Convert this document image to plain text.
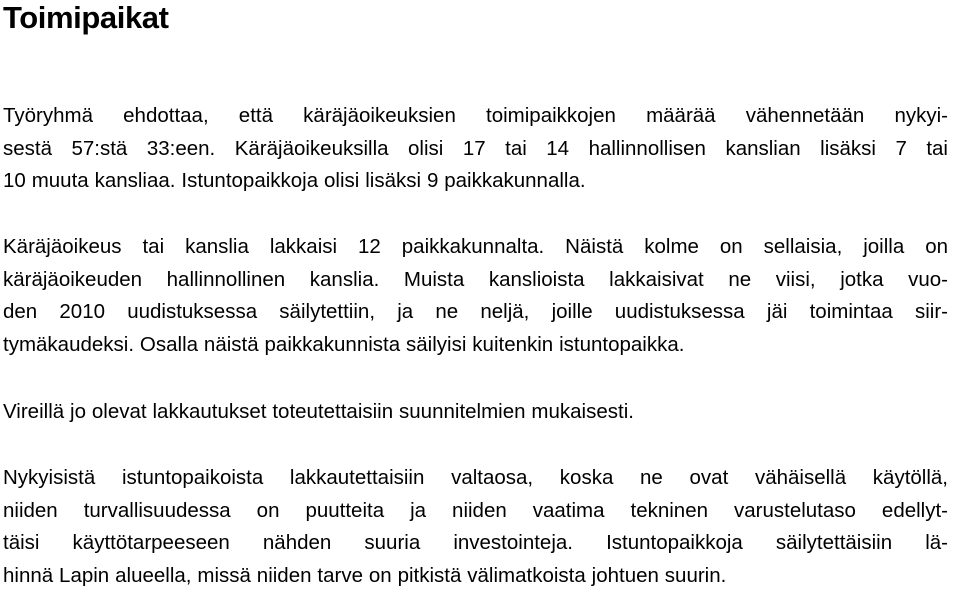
Toimipaikat

Työryhmä ehdottaa, että käräjäoikeuksien toimipaikkojen määrää vähennetään nykyi-
sestä 57:stä 33:een. Käräjäoikeuksilla olisi 17 tai 14 hallinnollisen kanslian lisäksi 7 tai
10 muuta kansliaa. Istuntopaikkoja olisi lisäksi 9 paikkakunnalla.

Käräjäoikeus tai kanslia lakkaisi 12 paikkakunnalta. Näistä kolme on sellaisia, joilla on
käräjäoikeuden hallinnollinen kanslia. Muista kanslioista lakkaisivat ne viisi, jotka vuo-
den 2010 uudistuksessa säilytettiin, ja ne neljä, joille uudistuksessa jäi toimintaa siir-
tymäkaudeksi. Osalla näistä paikkakunnista säilyisi kuitenkin istuntopaikka.

Vireillä jo olevat lakkautukset toteutettaisiin suunnitelmien mukaisesti.

Nykyisistä istuntopaikoista lakkautettaisiin valtaosa, koska ne ovat vähäisellä käytöllä,
niiden turvallisuudessa on puutteita ja niiden vaatima tekninen varustelutaso edellyt-
täisi käyttötarpeeseen nähden suuria investointeja. Istuntopaikkoja säilytettäisiin lä-
hinnä Lapin alueella, missä niiden tarve on pitkistä välimatkoista johtuen suurin.
